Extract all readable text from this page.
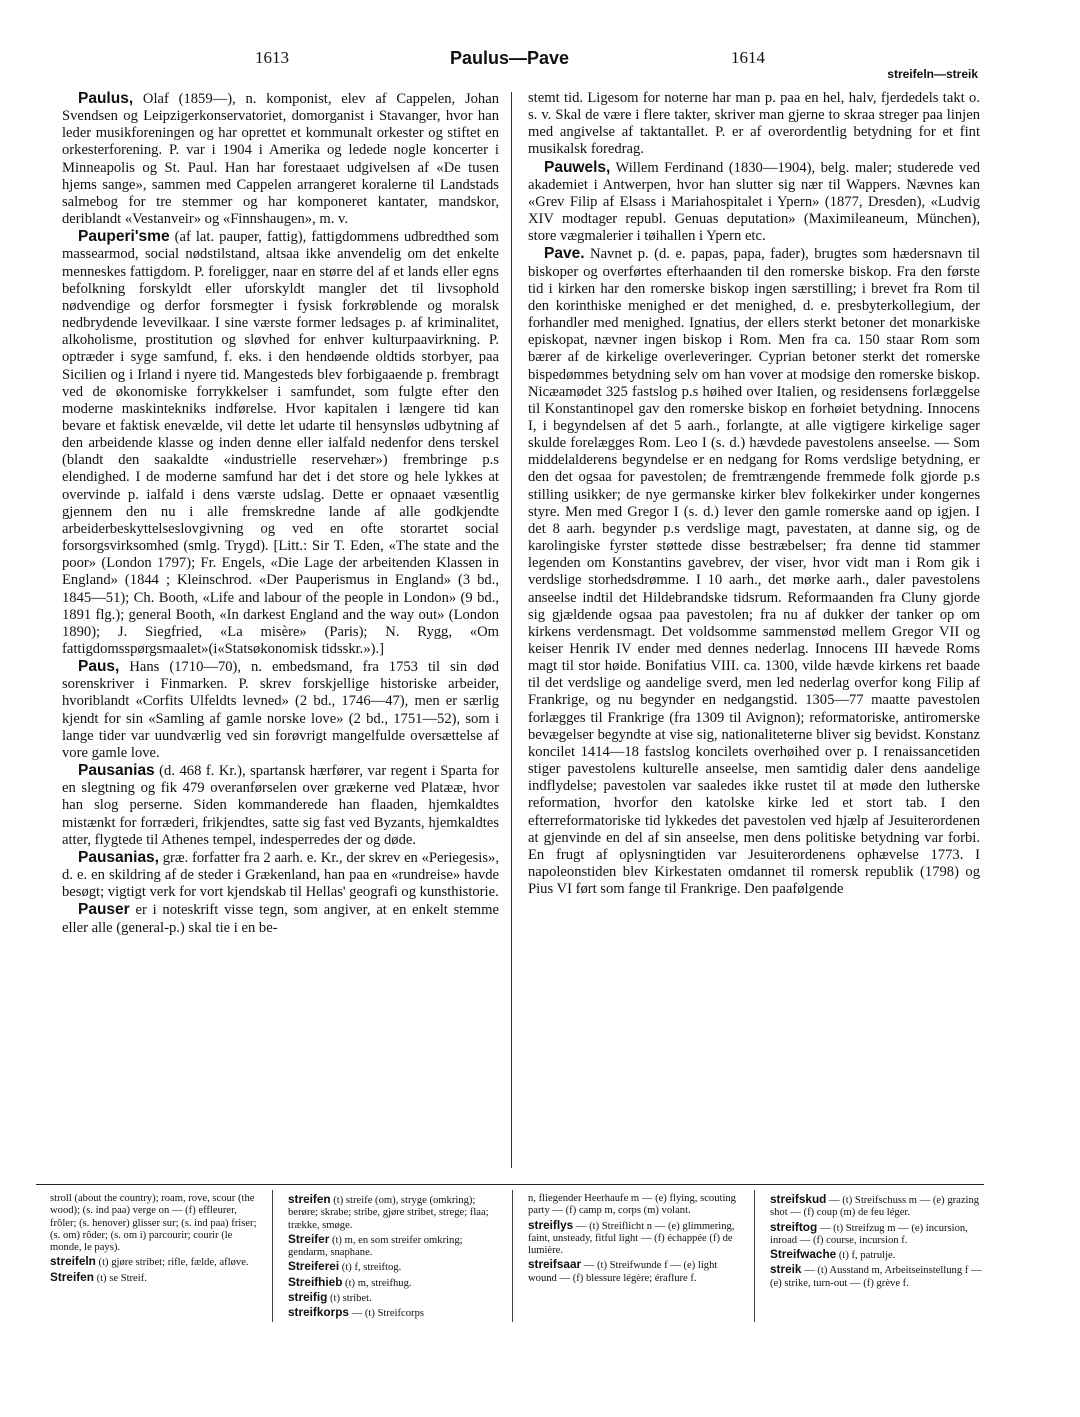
1613	Paulus—Pave	1614
streifeln—streik

Paulus, Olaf (1859—), n. komponist, elev af Cappelen, Johan Svendsen og Leipzigerkonservatoriet, domorganist i Stavanger, hvor han leder musikforeningen og har oprettet et kommunalt orkester og stiftet en orkesterforening. P. var i 1904 i Amerika og ledede nogle koncerter i Minneapolis og St. Paul. Han har forestaaet udgivelsen af «De tusen hjems sange», sammen med Cappelen arrangeret koralerne til Landstads salmebog for tre stemmer og har komponeret kantater, mandskor, deriblandt «Vestanveir» og «Finnshaugen», m. v.

Pauperi'sme (af lat. pauper, fattig), fattigdommens udbredthed som massearmod, social nødstilstand, altsaa ikke anvendelig om det enkelte menneskes fattigdom. P. foreligger, naar en større del af et lands eller egns befolkning forskyldt eller uforskyldt mangler det til livsophold nødvendige og derfor forsmegter i fysisk forkrøblende og moralsk nedbrydende levevilkaar. I sine værste former ledsages p. af kriminalitet, alkoholisme, prostitution og sløvhed for enhver kulturpaavirkning. P. optræder i syge samfund, f. eks. i den hendøende oldtids storbyer, paa Sicilien og i Irland i nyere tid. Mangesteds blev forbigaaende p. frembragt ved de økonomiske forrykkelser i samfundet, som fulgte efter den moderne maskintekniks indførelse. Hvor kapitalen i længere tid kan bevare et faktisk enevælde, vil dette let udarte til hensynsløs udbytning af den arbeidende klasse og inden denne eller ialfald nedenfor dens terskel (blandt den saakaldte «industrielle reservehær») frembringe p.s elendighed. I de moderne samfund har det i det store og hele lykkes at overvinde p. ialfald i dens værste udslag. Dette er opnaaet væsentlig gjennem den nu i alle fremskredne lande af alle godkjendte arbeiderbeskyttelseslovgivning og ved en ofte storartet social forsorgsvirksomhed (smlg. Trygd). [Litt.: Sir T. Eden, «The state and the poor» (London 1797); Fr. Engels, «Die Lage der arbeitenden Klassen in England» (1844 ; Kleinschrod. «Der Pauperismus in England» (3 bd., 1845—51); Ch. Booth, «Life and labour of the people in London» (9 bd., 1891 flg.); general Booth, «In darkest England and the way out» (London 1890); J. Siegfried, «La misère» (Paris); N. Rygg, «Om fattigdomsspørgsmaalet»(i«Statsøkonomisk tidsskr.»).]

Paus, Hans (1710—70), n. embedsmand, fra 1753 til sin død sorenskriver i Finmarken. P. skrev forskjellige historiske arbeider, hvoriblandt «Corfits Ulfeldts levned» (2 bd., 1746—47), men er særlig kjendt for sin «Samling af gamle norske love» (2 bd., 1751—52), som i lange tider var uundværlig ved sin forøvrigt mangelfulde oversættelse af vore gamle love.

Pausanias (d. 468 f. Kr.), spartansk hærfører, var regent i Sparta for en slegtning og fik 479 overanførselen over grækerne ved Platææ, hvor han slog perserne. Siden kommanderede han flaaden, hjemkaldtes mistænkt for forræderi, frikjendtes, satte sig fast ved Byzants, hjemkaldtes atter, flygtede til Athenes tempel, indesperredes der og døde.

Pausanias, græ. forfatter fra 2 aarh. e. Kr., der skrev en «Periegesis», d. e. en skildring af de steder i Grækenland, han paa en «rundreise» havde besøgt; vigtigt verk for vort kjendskab til Hellas' geografi og kunsthistorie.

Pauser er i noteskrift visse tegn, som angiver, at en enkelt stemme eller alle (general-p.) skal tie i en be-

stemt tid. Ligesom for noterne har man p. paa en hel, halv, fjerdedels takt o. s. v. Skal de være i flere takter, skriver man gjerne to skraa streger paa linjen med angivelse af taktantallet. P. er af overordentlig betydning for et fint musikalsk foredrag.

Pauwels, Willem Ferdinand (1830—1904), belg. maler; studerede ved akademiet i Antwerpen, hvor han slutter sig nær til Wappers. Nævnes kan «Grev Filip af Elsass i Mariahospitalet i Ypern» (1877, Dresden), «Ludvig XIV modtager republ. Genuas deputation» (Maximileaneum, München), store vægmalerier i tøihallen i Ypern etc.

Pave. Navnet p. (d. e. papas, papa, fader), brugtes som hædersnavn til biskoper og overførtes efterhaanden til den romerske biskop. Fra den første tid i kirken har den romerske biskop ingen særstilling; i brevet fra Rom til den korinthiske menighed er det menighed, d. e. presbyterkollegium, der forhandler med menighed. Ignatius, der ellers sterkt betoner det monarkiske episkopat, nævner ingen biskop i Rom. Men fra ca. 150 staar Rom som bærer af de kirkelige overleveringer. Cyprian betoner sterkt det romerske bispedømmes betydning selv om han vover at modsige den romerske biskop. Nicæamødet 325 fastslog p.s høihed over Italien, og residensens forlæggelse til Konstantinopel gav den romerske biskop en forhøiet betydning. Innocens I, i begyndelsen af det 5 aarh., forlangte, at alle vigtigere kirkelige sager skulde forelægges Rom. Leo I (s. d.) hævdede pavestolens anseelse. — Som middelalderens begyndelse er en nedgang for Roms verdslige betydning, er den det ogsaa for pavestolen; de fremtrængende fremmede folk gjorde p.s stilling usikker; de nye germanske kirker blev folkekirker under kongernes styre. Men med Gregor I (s. d.) lever den gamle romerske aand op igjen. I det 8 aarh. begynder p.s verdslige magt, pavestaten, at danne sig, og de karolingiske fyrster støttede disse bestræbelser; fra denne tid stammer legenden om Konstantins gavebrev, der viser, hvor vidt man i Rom gik i verdslige storhedsdrømme. I 10 aarh., det mørke aarh., daler pavestolens anseelse indtil det Hildebrandske tidsrum. Reformaanden fra Cluny gjorde sig gjældende ogsaa paa pavestolen; fra nu af dukker der tanker op om kirkens verdensmagt. Det voldsomme sammenstød mellem Gregor VII og keiser Henrik IV ender med dennes nederlag. Innocens III hævede Roms magt til stor høide. Bonifatius VIII. ca. 1300, vilde hævde kirkens ret baade til det verdslige og aandelige sverd, men led nederlag overfor kong Filip af Frankrige, og nu begynder en nedgangstid. 1305—77 maatte pavestolen forlægges til Frankrige (fra 1309 til Avignon); reformatoriske, antiromerske bevægelser begyndte at vise sig, nationaliteterne bliver sig bevidst. Konstanz koncilet 1414—18 fastslog koncilets overhøihed over p. I renaissancetiden stiger pavestolens kulturelle anseelse, men samtidig daler dens aandelige indflydelse; pavestolen var saaledes ikke rustet til at møde den lutherske reformation, hvorfor den katolske kirke led et stort tab. I den efterreformatoriske tid lykkedes det pavestolen ved hjælp af Jesuiterordenen at gjenvinde en del af sin anseelse, men dens politiske betydning var forbi. En frugt af oplysningtiden var Jesuiterordenens ophævelse 1773. I napoleonstiden blev Kirkestaten omdannet til romersk republik (1798) og Pius VI ført som fange til Frankrige. Den paafølgende

stroll (about the country); roam, rove, scour (the wood); (s. ind paa) verge on — (f) effleurer, frôler; (s. henover) glisser sur; (s. ind paa) friser; (s. om) rôder; (s. om i) parcourir; courir (le monde, le pays).

streifeln (t) gjøre stribet; rifle, fælde, afløve.

Streifen (t) se Streif.

streifen (t) streife (om), stryge (omkring); berøre; skrabe; stribe, gjøre stribet, strege; flaa; trække, smøge.

Streifer (t) m, en som streifer omkring; gendarm, snaphane.

Streiferei (t) f, streiftog.

Streifhieb (t) m, streifhug.

streifig (t) stribet.

streifkorps — (t) Streifcorps

n, fliegender Heerhaufe m — (e) flying, scouting party — (f) camp m, corps (m) volant.

streiflys — (t) Streiflicht n — (e) glimmering, faint, unsteady, fitful light — (f) échappée (f) de lumière.

streifsaar — (t) Streifwunde f — (e) light wound — (f) blessure légère; éraflure f.

streifskud — (t) Streifschuss m — (e) grazing shot — (f) coup (m) de feu léger.

streiftog — (t) Streifzug m — (e) incursion, inroad — (f) course, incursion f.

Streifwache (t) f, patrulje.

streik — (t) Ausstand m, Arbeitseinstellung f — (e) strike, turn-out — (f) grève f.
